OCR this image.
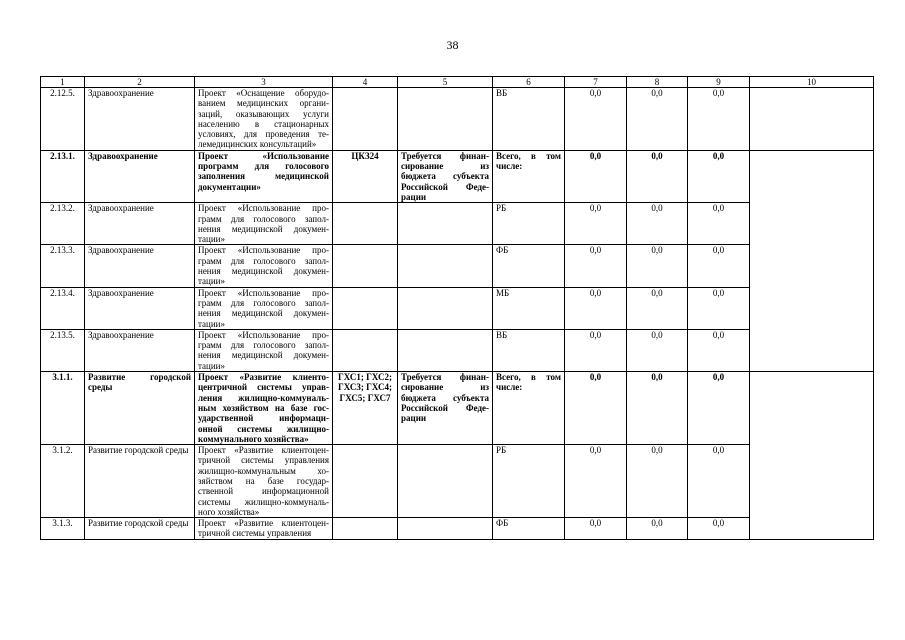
38
1	2	3	4	5	6	7	8	9	10
2.12.5.	Здравоохранение	Проект «Оснащение оборудо-ванием медицинских органи-заций, оказывающих услуги населению в стационарных условиях, для проведения те-лемедицинских консультаций»			ВБ	0,0	0,0	0,0	
2.13.1.	Здравоохранение	Проект «Использование программ для голосового заполнения медицинской документации»	ЦКЗ24	Требуется финан-сирование из бюджета субъекта Российской Феде-рации	Всего, в том числе:	0,0	0,0	0,0	
2.13.2.	Здравоохранение	Проект «Использование про-грамм для голосового запол-нения медицинской докумен-тации»			РБ	0,0	0,0	0,0	
2.13.3.	Здравоохранение	Проект «Использование про-грамм для голосового запол-нения медицинской докумен-тации»			ФБ	0,0	0,0	0,0	
2.13.4.	Здравоохранение	Проект «Использование про-грамм для голосового запол-нения медицинской докумен-тации»			МБ	0,0	0,0	0,0	
2.13.5.	Здравоохранение	Проект «Использование про-грамм для голосового запол-нения медицинской докумен-тации»			ВБ	0,0	0,0	0,0	
3.1.1.	Развитие городской среды	Проект «Развитие клиенто-центричной системы управ-ления жилищно-коммуналь-ным хозяйством на базе гос-ударственной информаци-онной системы жилищно-коммунального хозяйства»	ГХС1; ГХС2; ГХС3; ГХС4; ГХС5; ГХС7	Требуется финан-сирование из бюджета субъекта Российской Феде-рации	Всего, в том числе:	0,0	0,0	0,0	
3.1.2.	Развитие городской среды	Проект «Развитие клиентоцен-тричной системы управления жилищно-коммунальным хо-зяйством на базе государ-ственной информационной системы жилищно-коммуналь-ного хозяйства»			РБ	0,0	0,0	0,0	
3.1.3.	Развитие городской среды	Проект «Развитие клиентоцен-тричной системы управления			ФБ	0,0	0,0	0,0	
